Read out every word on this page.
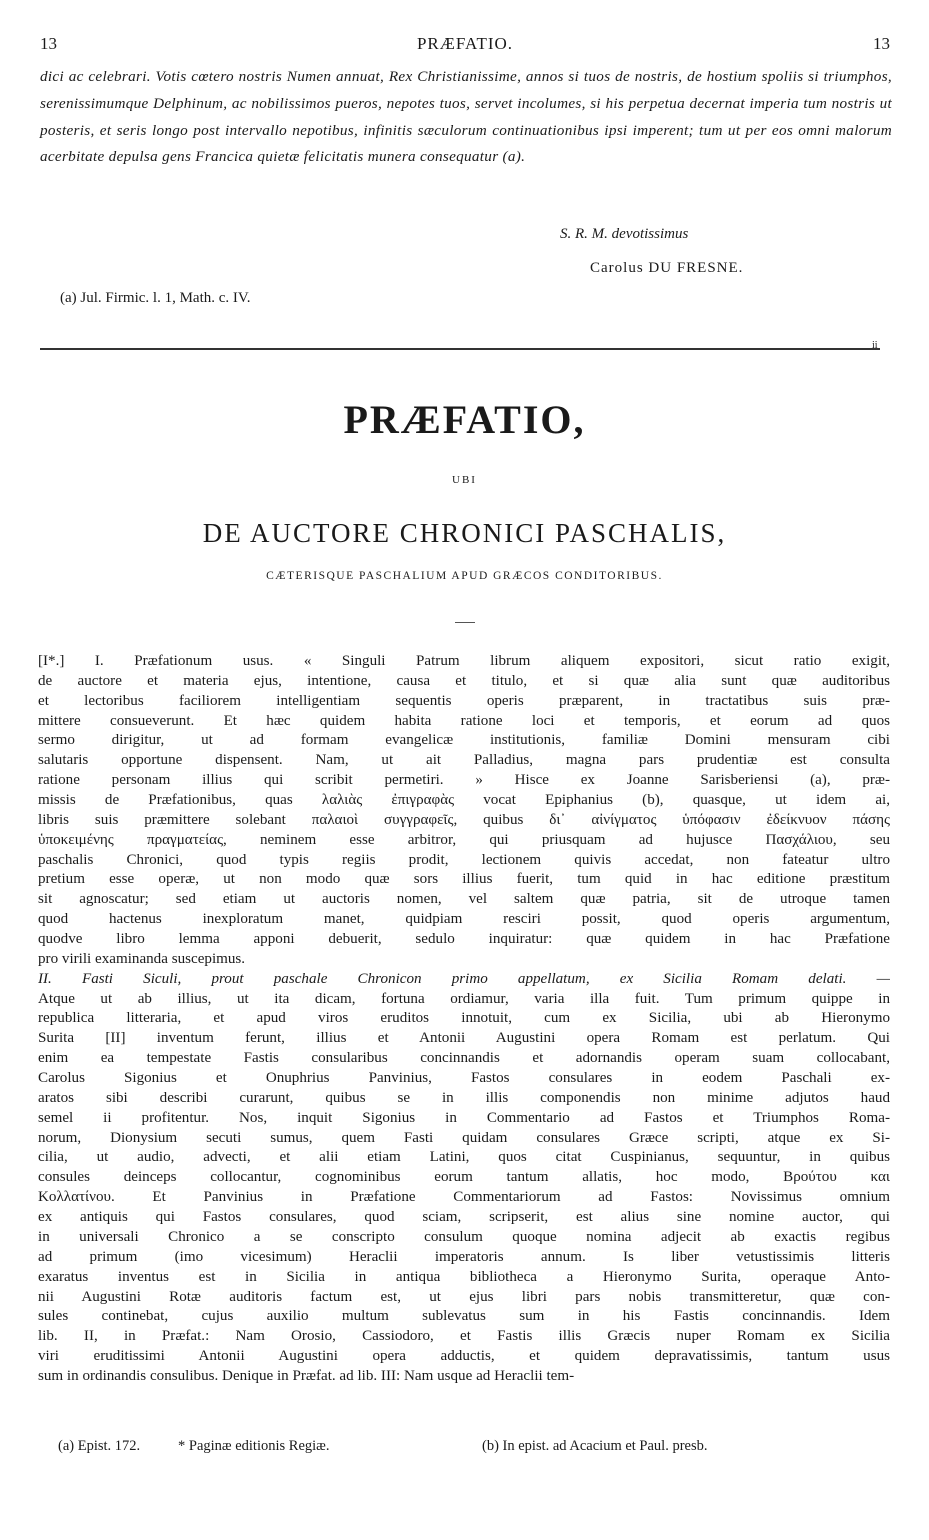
13	PRÆFATIO.	13
dici ac celebrari. Votis cœtero nostris Numen annuat, Rex Christianissime, annos si tuos de nostris, de hostium spoliis si triumphos, serenissimumque Delphinum, ac nobilissimos pueros, nepotes tuos, servet incolumes, si his perpetua decernat imperia tum nostris ut posteris, et seris longo post intervallo nepotibus, infinitis sæculorum continuationibus ipsi imperent; tum ut per eos omni malorum acerbitate depulsa gens Francica quietæ felicitatis munera consequatur (a).
S. R. M. devotissimus
Carolus DU FRESNE.
(a) Jul. Firmic. l. 1, Math. c. IV.
ii
PRÆFATIO,
UBI
DE AUCTORE CHRONICI PASCHALIS,
CÆTERISQUE PASCHALIUM APUD GRÆCOS CONDITORIBUS.
[I*.] I. Præfationum usus. « Singuli Patrum librum aliquem expositori, sicut ratio exigit,
de auctore et materia ejus, intentione, causa et titulo, et si quæ alia sunt quæ auditoribus
et lectoribus faciliorem intelligentiam sequentis operis præparent, in tractatibus suis præ-
mittere consueverunt. Et hæc quidem habita ratione loci et temporis, et eorum ad quos
sermo dirigitur, ut ad formam evangelicæ institutionis, familiæ Domini mensuram cibi
salutaris opportune dispensent. Nam, ut ait Palladius, magna pars prudentiæ est consulta
ratione personam illius qui scribit permetiri. » Hisce ex Joanne Sarisberiensi (a), præ-
missis de Præfationibus, quas λαλιὰς ἐπιγραφὰς vocat Epiphanius (b), quasque, ut idem ai,
libris suis præmittere solebant παλαιοὶ συγγραφεῖς, quibus δι᾽ αἰνίγματος ὑπόφασιν ἐδείκνυον πάσης
ὑποκειμένης πραγματείας, neminem esse arbitror, qui priusquam ad hujusce Πασχάλιου, seu
paschalis Chronici, quod typis regiis prodit, lectionem quivis accedat, non fateatur ultro
pretium esse operæ, ut non modo quæ sors illius fuerit, tum quid in hac editione præstitum
sit agnoscatur; sed etiam ut auctoris nomen, vel saltem quæ patria, sit de utroque tamen
quod hactenus inexploratum manet, quidpiam resciri possit, quod operis argumentum,
quodve libro lemma apponi debuerit, sedulo inquiratur: quæ quidem in hac Præfatione
pro virili examinanda suscepimus.
II. Fasti Siculi, prout paschale Chronicon primo appellatum, ex Sicilia Romam delati. —
Atque ut ab illius, ut ita dicam, fortuna ordiamur, varia illa fuit. Tum primum quippe in
republica litteraria, et apud viros eruditos innotuit, cum ex Sicilia, ubi ab Hieronymo
Surita [II] inventum ferunt, illius et Antonii Augustini opera Romam est perlatum. Qui
enim ea tempestate Fastis consularibus concinnandis et adornandis operam suam collocabant,
Carolus Sigonius et Onuphrius Panvinius, Fastos consulares in eodem Paschali ex-
aratos sibi describi curarunt, quibus se in illis componendis non minime adjutos haud
semel ii profitentur. Nos, inquit Sigonius in Commentario ad Fastos et Triumphos Roma-
norum, Dionysium secuti sumus, quem Fasti quidam consulares Græce scripti, atque ex Si-
cilia, ut audio, advecti, et alii etiam Latini, quos citat Cuspinianus, sequuntur, in quibus
consules deinceps collocantur, cognominibus eorum tantum allatis, hoc modo, Βρούτου και
Κολλατίνου. Et Panvinius in Præfatione Commentariorum ad Fastos: Novissimus omnium
ex antiquis qui Fastos consulares, quod sciam, scripserit, est alius sine nomine auctor, qui
in universali Chronico a se conscripto consulum quoque nomina adjecit ab exactis regibus
ad primum (imo vicesimum) Heraclii imperatoris annum. Is liber vetustissimis litteris
exaratus inventus est in Sicilia in antiqua bibliotheca a Hieronymo Surita, operaque Anto-
nii Augustini Rotæ auditoris factum est, ut ejus libri pars nobis transmitteretur, quæ con-
sules continebat, cujus auxilio multum sublevatus sum in his Fastis concinnandis. Idem
lib. II, in Præfat.: Nam Orosio, Cassiodoro, et Fastis illis Græcis nuper Romam ex Sicilia
viri eruditissimi Antonii Augustini opera adductis, et quidem depravatissimis, tantum usus
sum in ordinandis consulibus. Denique in Præfat. ad lib. III: Nam usque ad Heraclii tem-
(a) Epist. 172.	* Paginæ editionis Regiæ.	(b) In epist. ad Acacium et Paul. presb.
